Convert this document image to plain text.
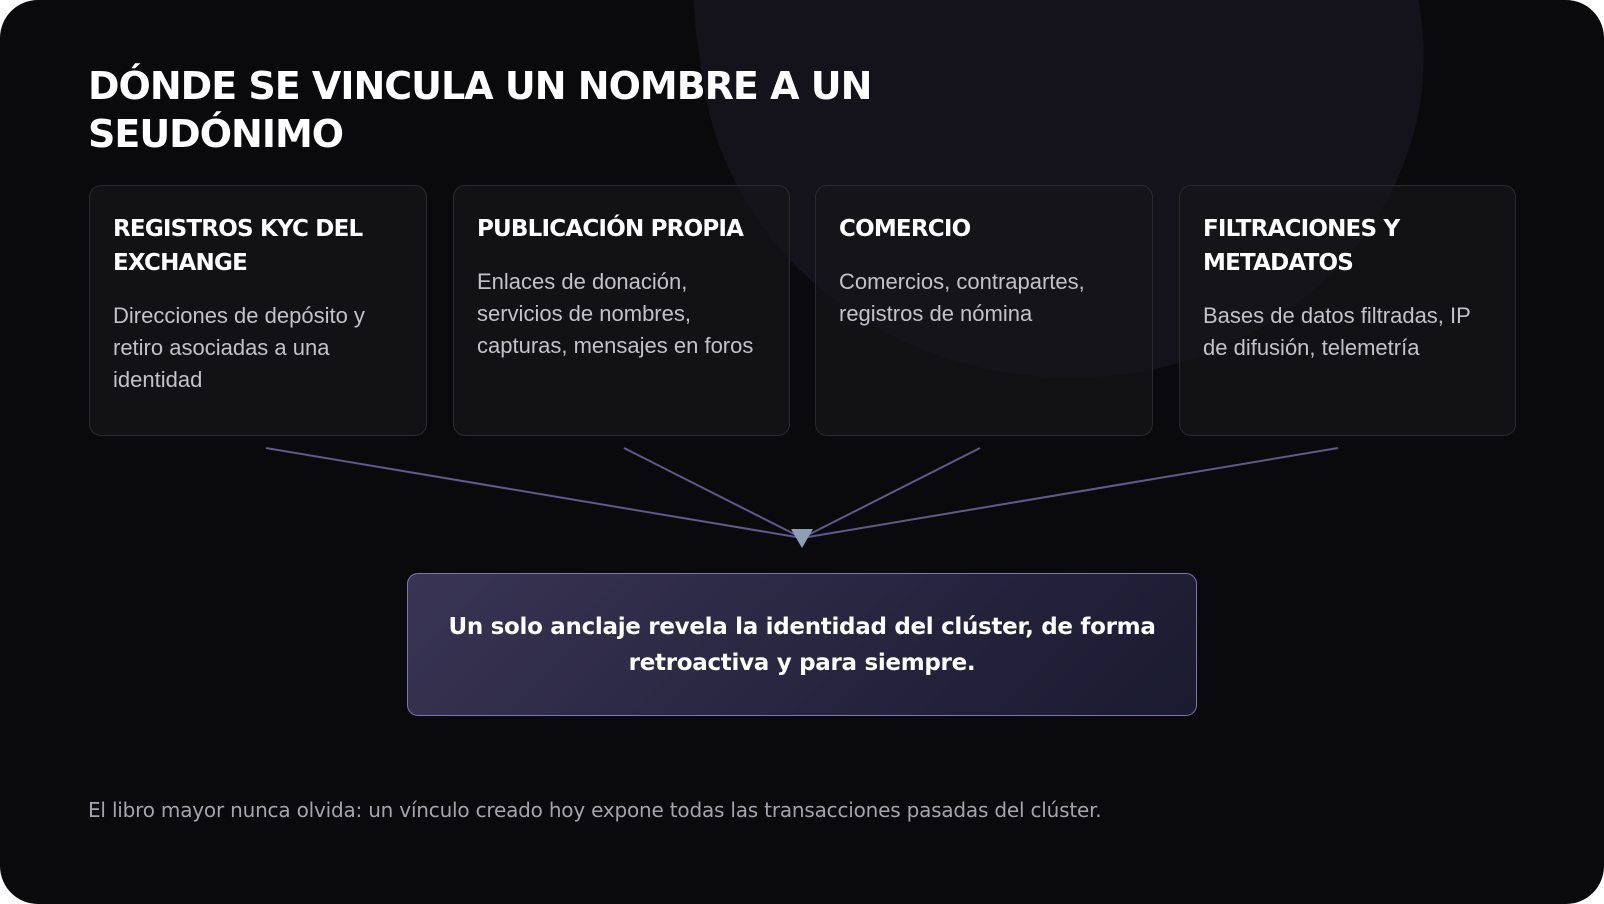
DÓNDE SE VINCULA UN NOMBRE A UN SEUDÓNIMO
REGISTROS KYC DEL EXCHANGE

Direcciones de depósito y retiro asociadas a una identidad

PUBLICACIÓN PROPIA

Enlaces de donación, servicios de nombres, capturas, mensajes en foros

COMERCIO

Comercios, contrapartes, registros de nómina

FILTRACIONES Y METADATOS

Bases de datos filtradas, IP de difusión, telemetría

Un solo anclaje revela la identidad del clúster, de forma retroactiva y para siempre.

El libro mayor nunca olvida: un vínculo creado hoy expone todas las transacciones pasadas del clúster.
